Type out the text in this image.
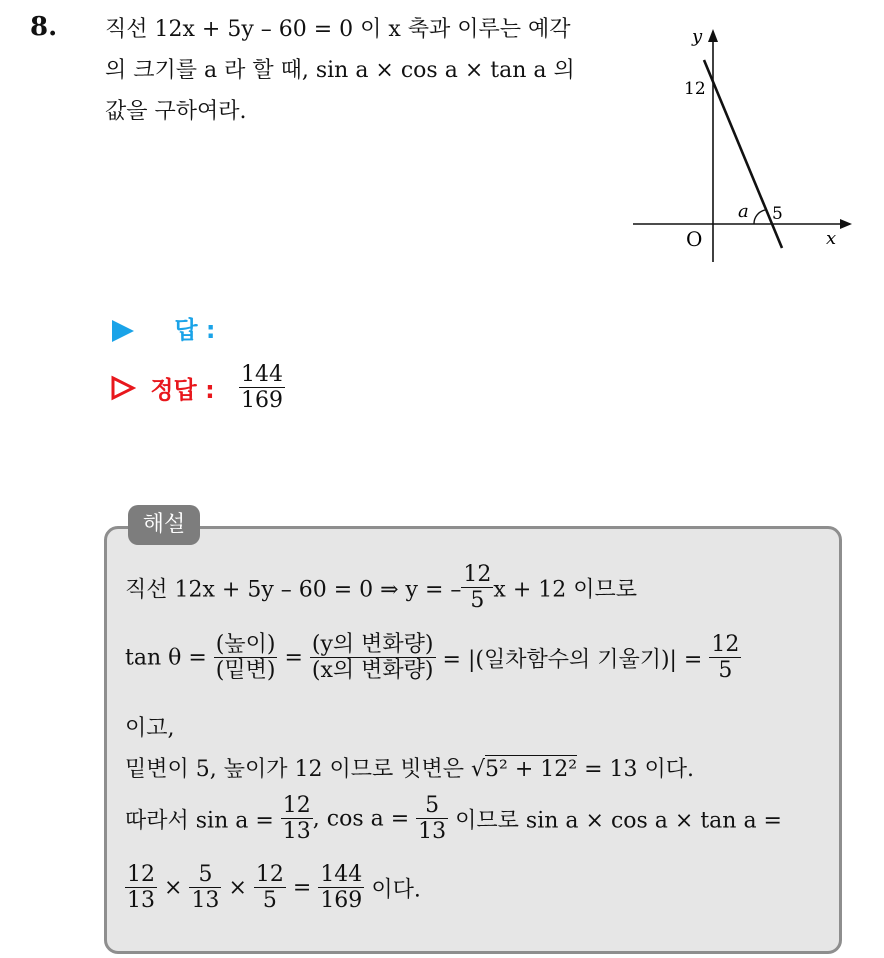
8. 직선 12x + 5y – 60 = 0 이 x 축과 이루는 예각
의 크기를 a 라 할 때, sin a × cos a × tan a 의
값을 구하여라.
y
x
O
12
5
a
답 :
정답 : $\frac{144}{169}$
해설
직선 12x + 5y – 60 = 0 ⇒ y = – $\frac{12}{5}$ x + 12 이므로
$\tan \theta = \frac{\text{(높이)}}{\text{(밑변)}} = \frac{\text{(y의 변화량)}}{\text{(x의 변화량)}}$ = |(일차함수의 기울기)| = $\frac{12}{5}$
이고,
밑변이 5, 높이가 12 이므로 빗변은 √5² + 12² = 13 이다.
따라서 $\sin a = \frac{12}{13}$ , $\cos a = \frac{5}{13}$ 이므로 sin a × cos a × tan a =
$\frac{12}{13} \times \frac{5}{13} \times \frac{12}{5} = \frac{144}{169}$ 이다.
